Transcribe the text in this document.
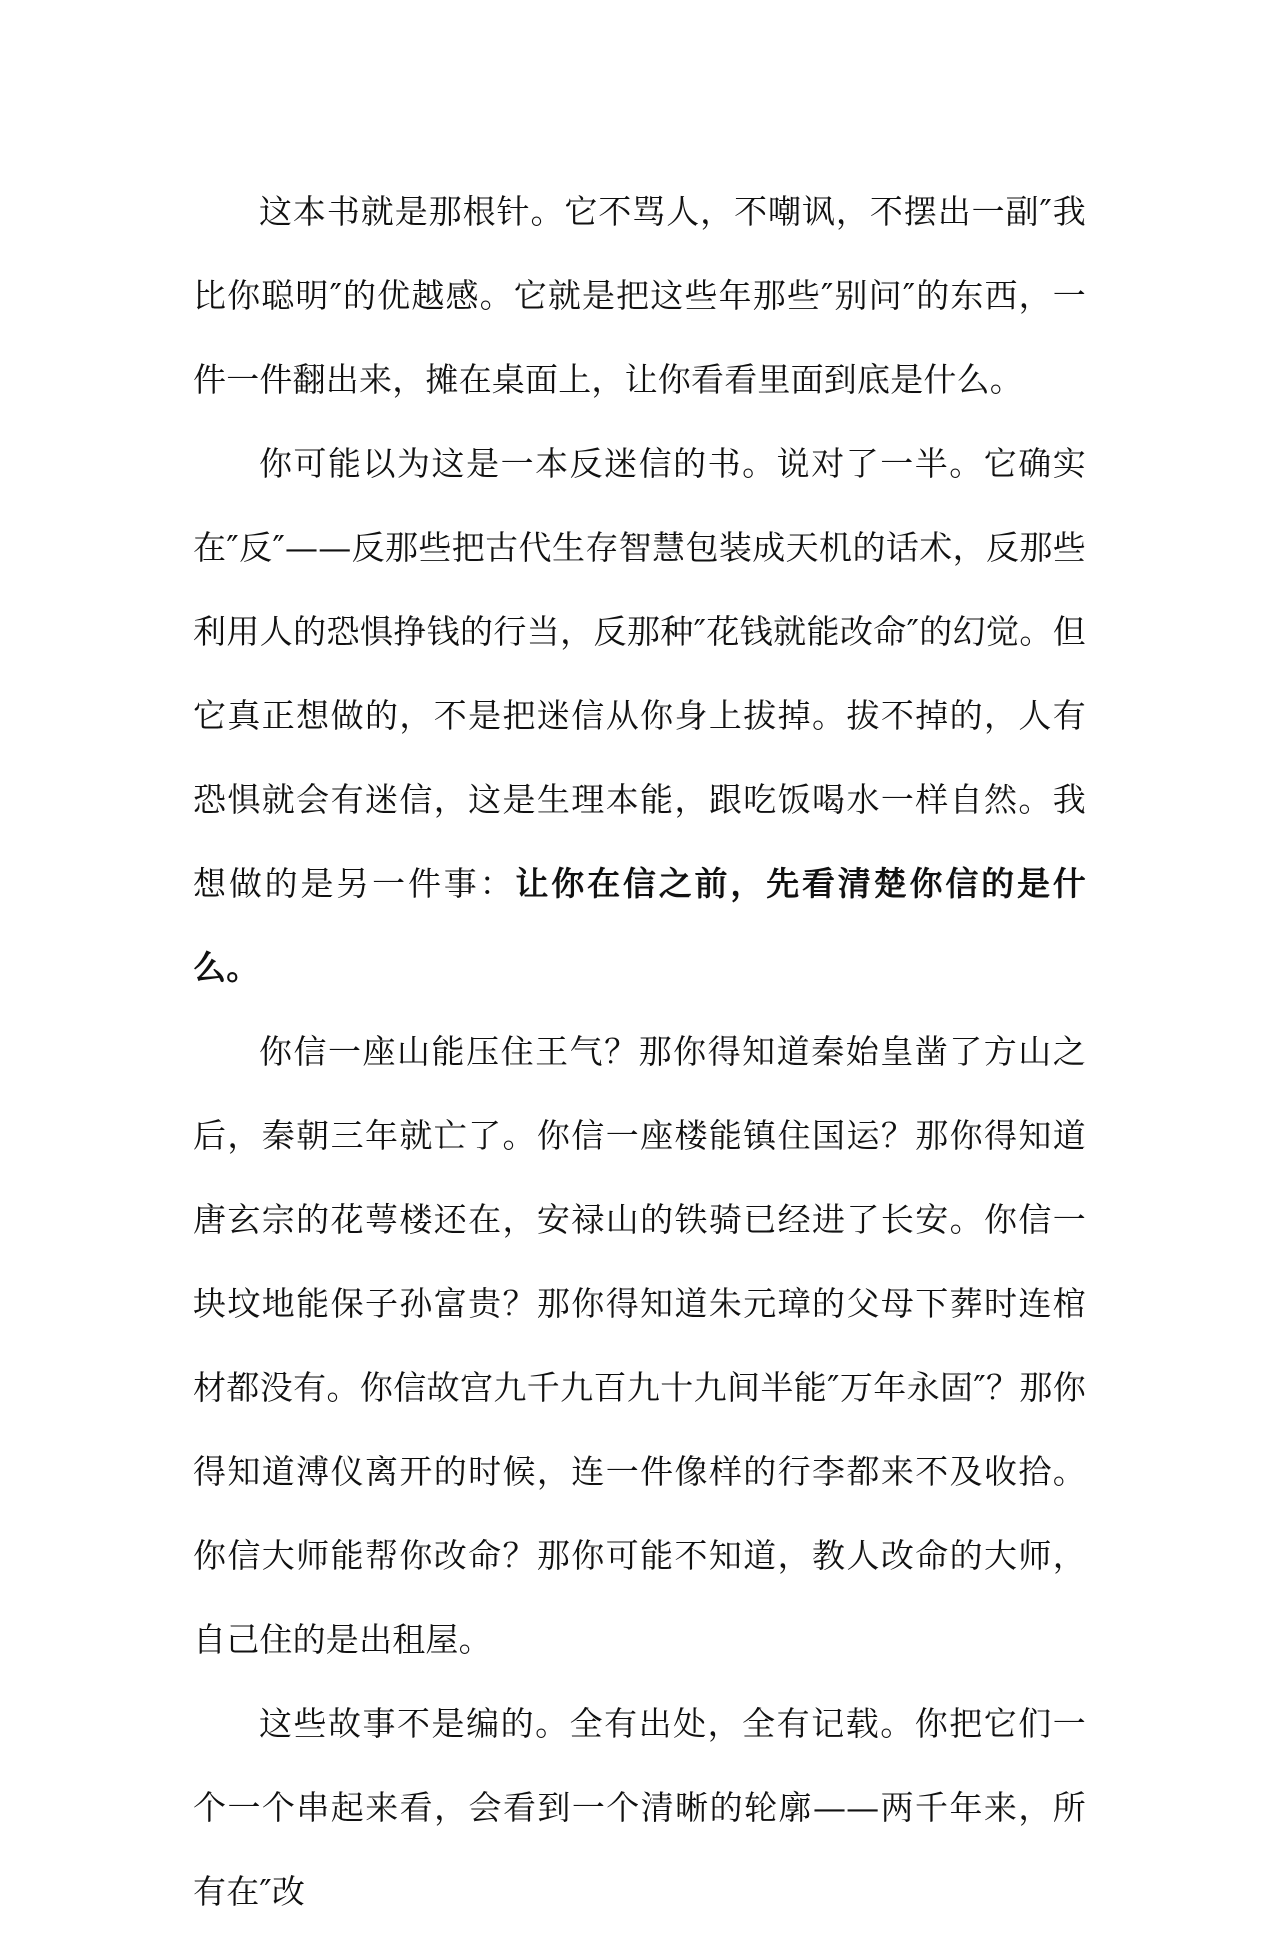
这本书就是那根针。它不骂人，不嘲讽，不摆出一副″我比你聪明″的优越感。它就是把这些年那些″别问″的东西，一件一件翻出来，摊在桌面上，让你看看里面到底是什么。

你可能以为这是一本反迷信的书。说对了一半。它确实在″反″——反那些把古代生存智慧包装成天机的话术，反那些利用人的恐惧挣钱的行当，反那种″花钱就能改命″的幻觉。但它真正想做的，不是把迷信从你身上拔掉。拔不掉的，人有恐惧就会有迷信，这是生理本能，跟吃饭喝水一样自然。我想做的是另一件事：让你在信之前，先看清楚你信的是什么。

你信一座山能压住王气？那你得知道秦始皇凿了方山之后，秦朝三年就亡了。你信一座楼能镇住国运？那你得知道唐玄宗的花萼楼还在，安禄山的铁骑已经进了长安。你信一块坟地能保子孙富贵？那你得知道朱元璋的父母下葬时连棺材都没有。你信故宫九千九百九十九间半能″万年永固″？那你得知道溥仪离开的时候，连一件像样的行李都来不及收拾。你信大师能帮你改命？那你可能不知道，教人改命的大师，自己住的是出租屋。

这些故事不是编的。全有出处，全有记载。你把它们一个一个串起来看，会看到一个清晰的轮廓——两千年来，所有在″改
